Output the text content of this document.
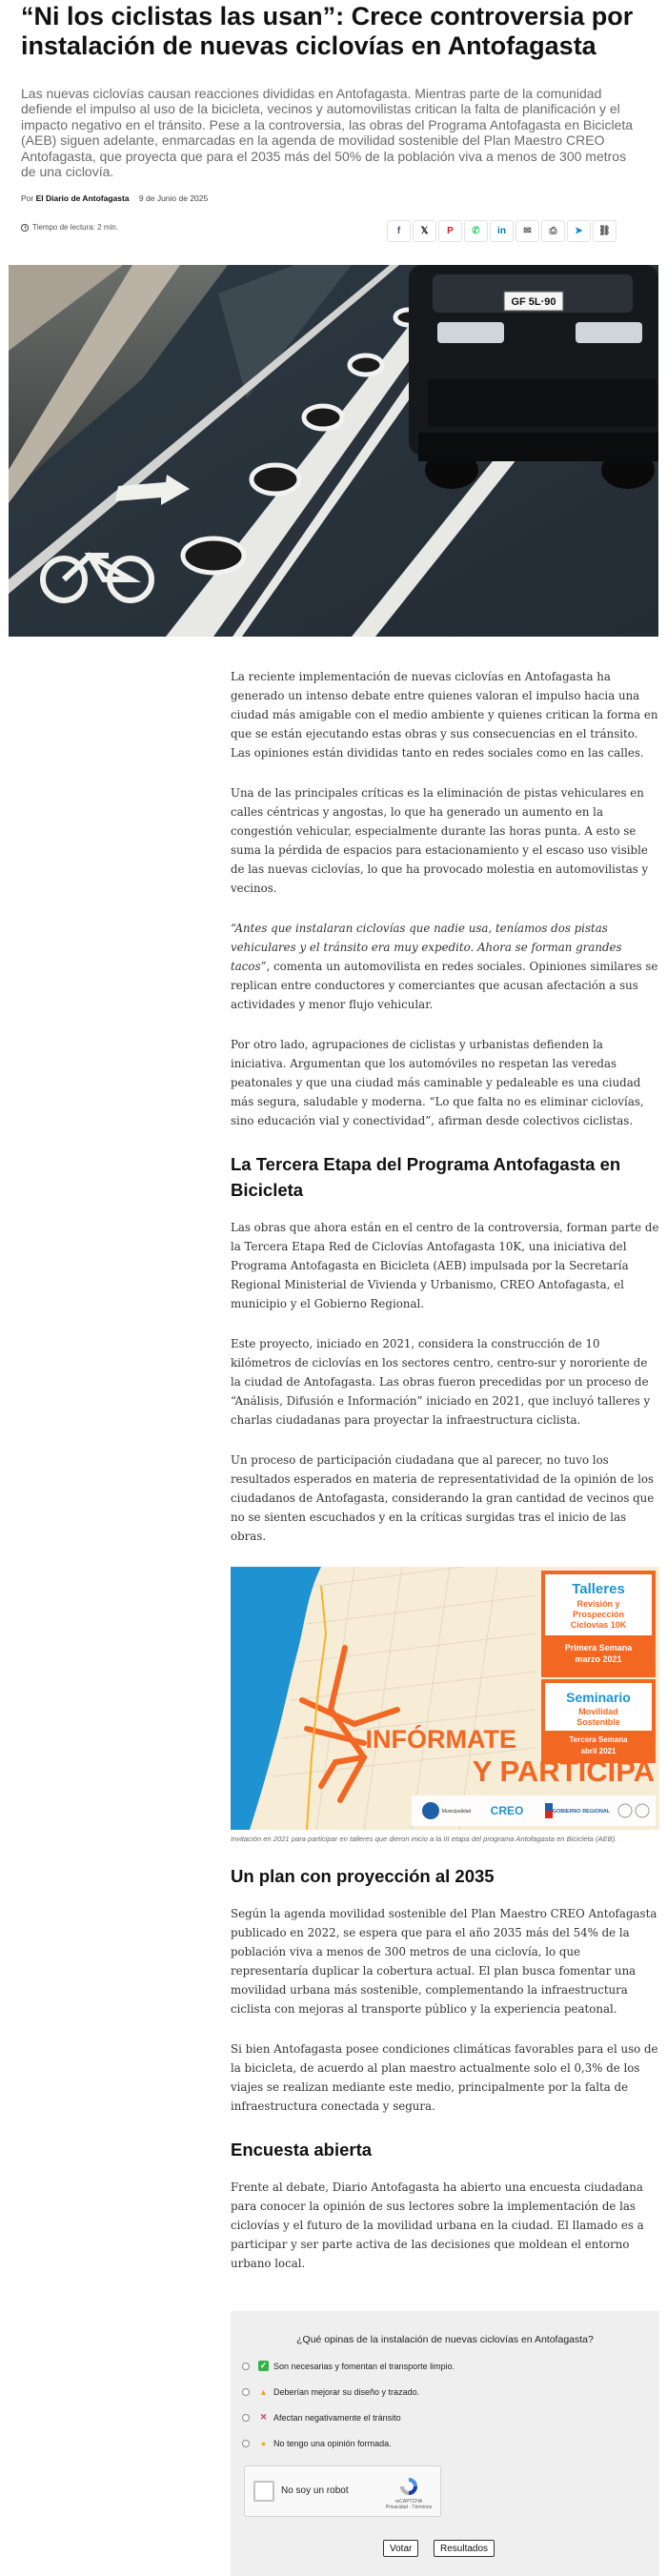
“Ni los ciclistas las usan”: Crece controversia por instalación de nuevas ciclovías en Antofagasta

Las nuevas ciclovías causan reacciones divididas en Antofagasta. Mientras parte de la comunidad defiende el impulso al uso de la bicicleta, vecinos y automovilistas critican la falta de planificación y el impacto negativo en el tránsito. Pese a la controversia, las obras del Programa Antofagasta en Bicicleta (AEB) siguen adelante, enmarcadas en la agenda de movilidad sostenible del Plan Maestro CREO Antofagasta, que proyecta que para el 2035 más del 50% de la población viva a menos de 300 metros de una ciclovía.

Por El Diario de Antofagasta 9 de Junio de 2025
Tiempo de lectura: 2 min.	f 𝕏 P ✆ in ✉ ⎙ ➤ ⛓
GF 5L·90

La reciente implementación de nuevas ciclovías en Antofagasta ha generado un intenso debate entre quienes valoran el impulso hacia una ciudad más amigable con el medio ambiente y quienes critican la forma en que se están ejecutando estas obras y sus consecuencias en el tránsito. Las opiniones están divididas tanto en redes sociales como en las calles.

Una de las principales críticas es la eliminación de pistas vehiculares en calles céntricas y angostas, lo que ha generado un aumento en la congestión vehicular, especialmente durante las horas punta. A esto se suma la pérdida de espacios para estacionamiento y el escaso uso visible de las nuevas ciclovías, lo que ha provocado molestia en automovilistas y vecinos.

“Antes que instalaran ciclovías que nadie usa, teníamos dos pistas vehiculares y el tránsito era muy expedito. Ahora se forman grandes tacos”, comenta un automovilista en redes sociales. Opiniones similares se replican entre conductores y comerciantes que acusan afectación a sus actividades y menor flujo vehicular.

Por otro lado, agrupaciones de ciclistas y urbanistas defienden la iniciativa. Argumentan que los automóviles no respetan las veredas peatonales y que una ciudad más caminable y pedaleable es una ciudad más segura, saludable y moderna. “Lo que falta no es eliminar ciclovías, sino educación vial y conectividad”, afirman desde colectivos ciclistas.

La Tercera Etapa del Programa Antofagasta en Bicicleta

Las obras que ahora están en el centro de la controversia, forman parte de la Tercera Etapa Red de Ciclovías Antofagasta 10K, una iniciativa del Programa Antofagasta en Bicicleta (AEB) impulsada por la Secretaría Regional Ministerial de Vivienda y Urbanismo, CREO Antofagasta, el municipio y el Gobierno Regional.

Este proyecto, iniciado en 2021, considera la construcción de 10 kilómetros de ciclovías en los sectores centro, centro-sur y nororiente de la ciudad de Antofagasta. Las obras fueron precedidas por un proceso de “Análisis, Difusión e Información” iniciado en 2021, que incluyó talleres y charlas ciudadanas para proyectar la infraestructura ciclista.

Un proceso de participación ciudadana que al parecer, no tuvo los resultados esperados en materia de representatividad de la opinión de los ciudadanos de Antofagasta, considerando la gran cantidad de vecinos que no se sienten escuchados y en la críticas surgidas tras el inicio de las obras.

Talleres
Revisión y
Prospección
Ciclovías 10K
Primera Semana
marzo 2021
Seminario
Movilidad
Sostenible
Tercera Semana
abril 2021
INFÓRMATE
Y PARTICIPA
Municipalidad CREO	GOBIERNO REGIONAL
Invitación en 2021 para participar en talleres que dieron inicio a la III etapa del programa Antofagasta en Bicicleta (AEB).
Un plan con proyección al 2035

Según la agenda movilidad sostenible del Plan Maestro CREO Antofagasta publicado en 2022, se espera que para el año 2035 más del 54% de la población viva a menos de 300 metros de una ciclovía, lo que representaría duplicar la cobertura actual. El plan busca fomentar una movilidad urbana más sostenible, complementando la infraestructura ciclista con mejoras al transporte público y la experiencia peatonal.

Si bien Antofagasta posee condiciones climáticas favorables para el uso de la bicicleta, de acuerdo al plan maestro actualmente solo el 0,3% de los viajes se realizan mediante este medio, principalmente por la falta de infraestructura conectada y segura.

Encuesta abierta

Frente al debate, Diario Antofagasta ha abierto una encuesta ciudadana para conocer la opinión de sus lectores sobre la implementación de las ciclovías y el futuro de la movilidad urbana en la ciudad. El llamado es a participar y ser parte activa de las decisiones que moldean el entorno urbano local.

¿Qué opinas de la instalación de nuevas ciclovías en Antofagasta?
✓ Son necesarias y fomentan el transporte limpio.
▲ Deberían mejorar su diseño y trazado.
✕ Afectan negativamente el tránsito
● No tengo una opinión formada.
No soy un robot
reCAPTCHA
Privacidad - Términos
Votar	Resultados
